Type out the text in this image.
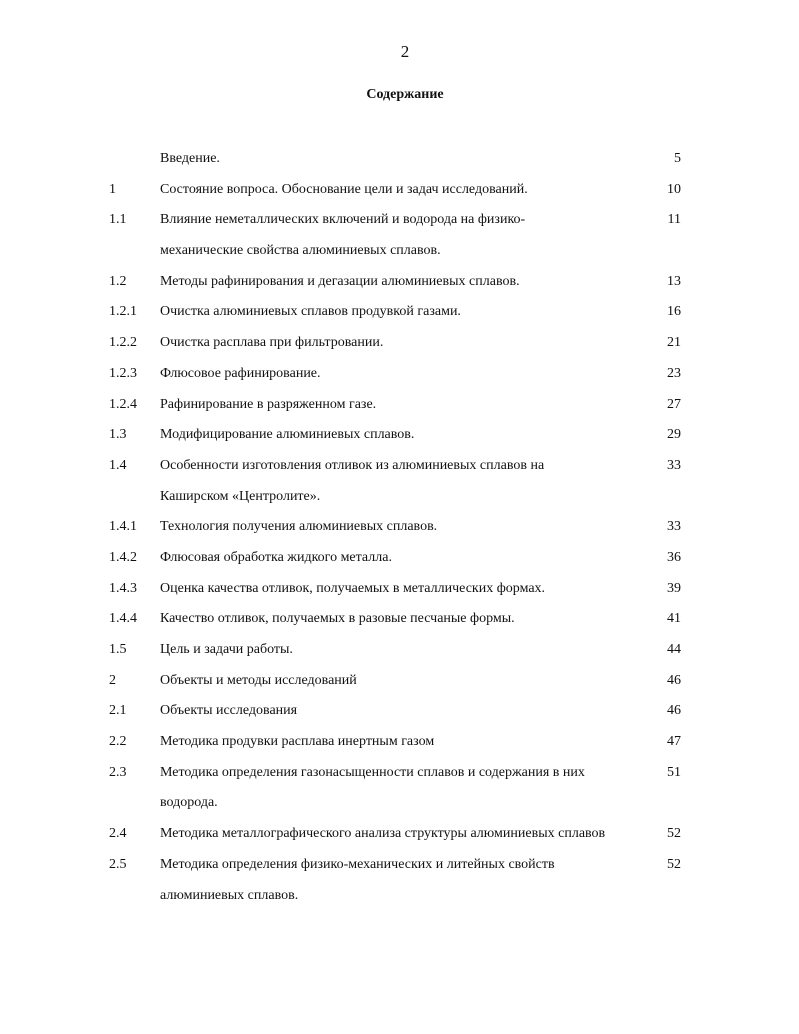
2
Содержание
Введение.	5
1	Состояние вопроса. Обоснование цели и задач исследований.	10
1.1 Влияние неметаллических включений и водорода на физико-	11
механические свойства алюминиевых сплавов.
1.2 Методы рафинирования и дегазации алюминиевых сплавов.	13
1.2.1 Очистка алюминиевых сплавов продувкой газами.	16
1.2.2 Очистка расплава при фильтровании.	21
1.2.3 Флюсовое рафинирование.	23
1.2.4 Рафинирование в разряженном газе.	27
1.3 Модифицирование алюминиевых сплавов.	29
1.4 Особенности изготовления отливок из алюминиевых сплавов на	33
Каширском «Центролите».
1.4.1 Технология получения алюминиевых сплавов.	33
1.4.2 Флюсовая обработка жидкого металла.	36
1.4.3 Оценка качества отливок, получаемых в металлических формах.	39
1.4.4 Качество отливок, получаемых в разовые песчаные формы.	41
1.5 Цель и задачи работы.	44
2	Объекты и методы исследований	46
2.1 Объекты исследования	46
2.2 Методика продувки расплава инертным газом	47
2.3 Методика определения газонасыщенности сплавов и содержания в них	51
водорода.
2.4 Методика металлографического анализа структуры алюминиевых сплавов	52
2.5 Методика определения физико-механических и литейных свойств	52
алюминиевых сплавов.
